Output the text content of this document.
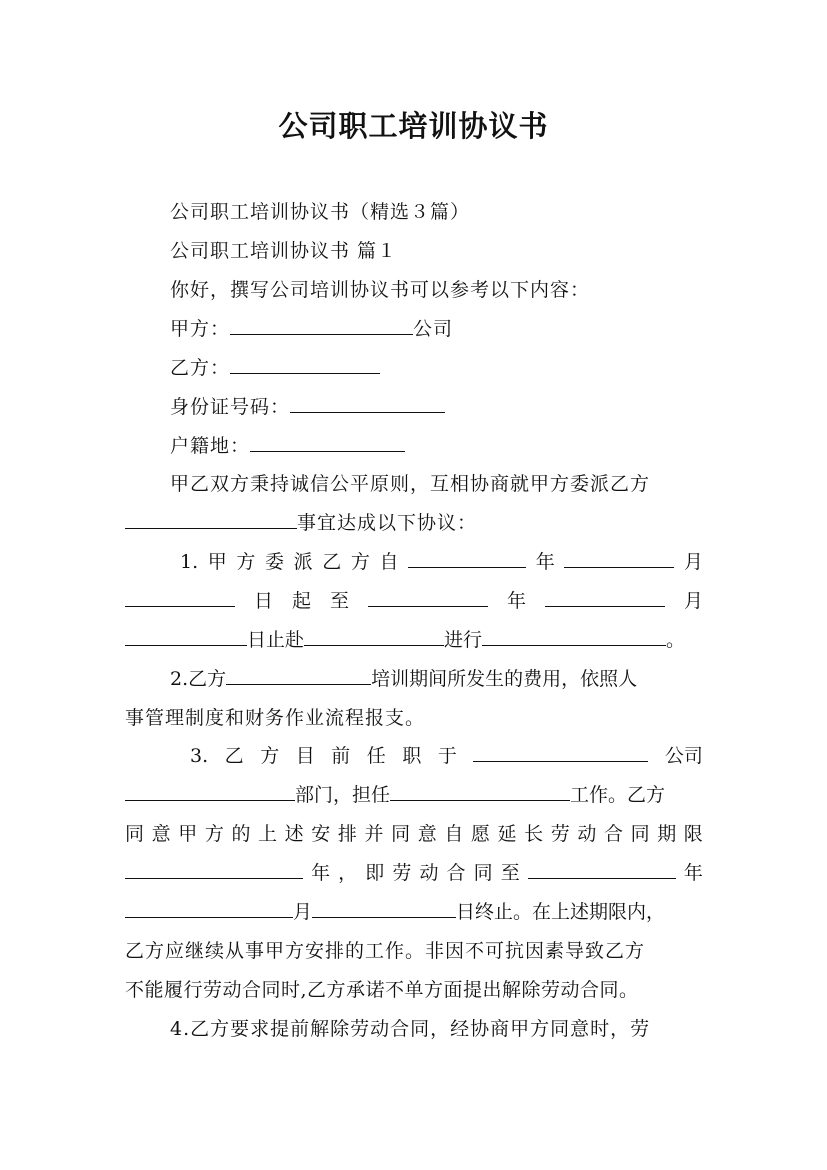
公司职工培训协议书
公司职工培训协议书（精选３篇）
公司职工培训协议书 篇１
你好，撰写公司培训协议书可以参考以下内容：
甲方：	公司
乙方：
身份证号码：
户籍地：
甲乙双方秉持诚信公平原则，互相协商就甲方委派乙方
事宜达成以下协议：
1. 甲 方 委 派 乙 方 自	年	月
日 起 至	年	月
日止赴	进行	。
2.乙方	培训期间所发生的费用，依照人
事管理制度和财务作业流程报支。
3. 乙 方 目 前 任 职 于	公司
部门，担任	工作。乙方
同 意 甲 方 的 上 述 安 排 并 同 意 自 愿 延 长 劳 动 合 同 期 限
年 ， 即 劳 动 合 同 至	年
月	日终止。在上述期限内，
乙方应继续从事甲方安排的工作。非因不可抗因素导致乙方
不能履行劳动合同时,乙方承诺不单方面提出解除劳动合同。
4.乙方要求提前解除劳动合同，经协商甲方同意时，劳
